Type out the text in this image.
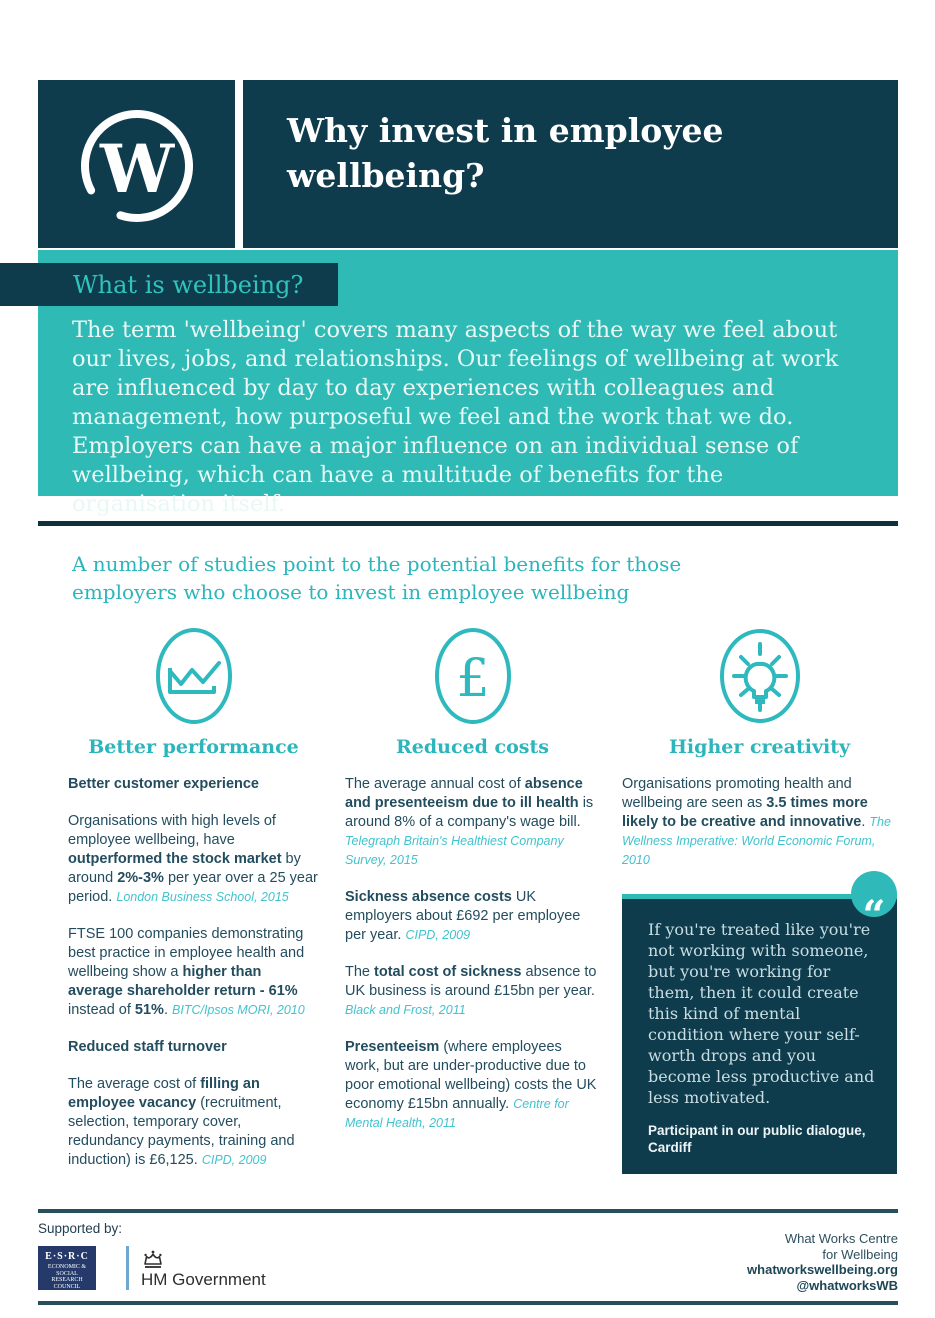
W	Why invest in employee wellbeing?
What is wellbeing?

The term 'wellbeing' covers many aspects of the way we feel about our lives, jobs, and relationships. Our feelings of wellbeing at work are influenced by day to day experiences with colleagues and management, how purposeful we feel and the work that we do. Employers can have a major influence on an individual sense of wellbeing, which can have a multitude of benefits for the organisation itself.

A number of studies point to the potential benefits for those employers who choose to invest in employee wellbeing

Better performance
Better customer experience

Organisations with high levels of employee wellbeing, have outperformed the stock market by around 2%-3% per year over a 25 year period. London Business School, 2015

FTSE 100 companies demonstrating best practice in employee health and wellbeing show a higher than average shareholder return - 61% instead of 51%. BITC/Ipsos MORI, 2010

Reduced staff turnover

The average cost of filling an employee vacancy (recruitment, selection, temporary cover, redundancy payments, training and induction) is £6,125. CIPD, 2009

£
Reduced costs

The average annual cost of absence and presenteeism due to ill health is around 8% of a company's wage bill. Telegraph Britain's Healthiest Company Survey, 2015

Sickness absence costs UK employers about £692 per employee per year. CIPD, 2009

The total cost of sickness absence to UK business is around £15bn per year. Black and Frost, 2011

Presenteeism (where employees work, but are under-productive due to poor emotional wellbeing) costs the UK economy £15bn annually. Centre for Mental Health, 2011

Higher creativity

Organisations promoting health and wellbeing are seen as 3.5 times more likely to be creative and innovative. The Wellness Imperative: World Economic Forum, 2010

“

If you're treated like you're not working with someone, but you're working for them, then it could create this kind of mental condition where your self-worth drops and you become less productive and less motivated.

Participant in our public dialogue, Cardiff
Supported by:
E·S·R·C
ECONOMIC & SOCIAL RESEARCH COUNCIL	HM Government
What Works Centre
for Wellbeing
whatworkswellbeing.org
@whatworksWB
